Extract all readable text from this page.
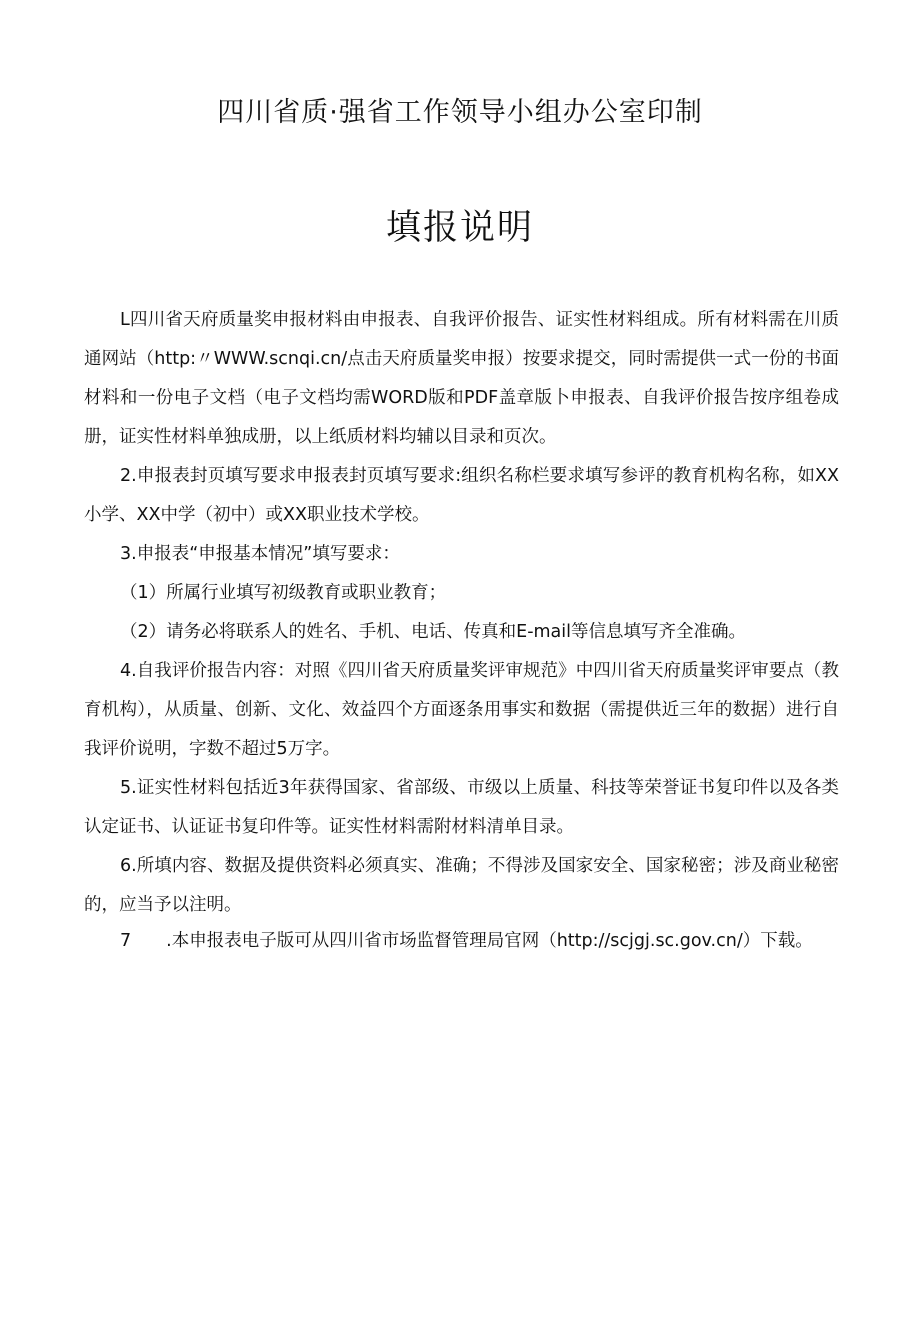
四川省质·强省工作领导小组办公室印制
填报说明

L四川省天府质量奖申报材料由申报表、自我评价报告、证实性材料组成。所有材料需在川质通网站（http:〃WWW.scnqi.cn/点击天府质量奖申报）按要求提交，同时需提供一式一份的书面材料和一份电子文档（电子文档均需WORD版和PDF盖章版卜申报表、自我评价报告按序组卷成册，证实性材料单独成册，以上纸质材料均辅以目录和页次。

2.申报表封页填写要求申报表封页填写要求:组织名称栏要求填写参评的教育机构名称，如XX小学、XX中学（初中）或XX职业技术学校。

3.申报表“申报基本情况”填写要求：

（1）所属行业填写初级教育或职业教育；

（2）请务必将联系人的姓名、手机、电话、传真和E-mail等信息填写齐全准确。

4.自我评价报告内容：对照《四川省天府质量奖评审规范》中四川省天府质量奖评审要点（教育机构），从质量、创新、文化、效益四个方面逐条用事实和数据（需提供近三年的数据）进行自我评价说明，字数不超过5万字。

5.证实性材料包括近3年获得国家、省部级、市级以上质量、科技等荣誉证书复印件以及各类认定证书、认证证书复印件等。证实性材料需附材料清单目录。

6.所填内容、数据及提供资料必须真实、准确；不得涉及国家安全、国家秘密；涉及商业秘密的，应当予以注明。

7　　.本申报表电子版可从四川省市场监督管理局官网（http://scjgj.sc.gov.cn/）下载。
